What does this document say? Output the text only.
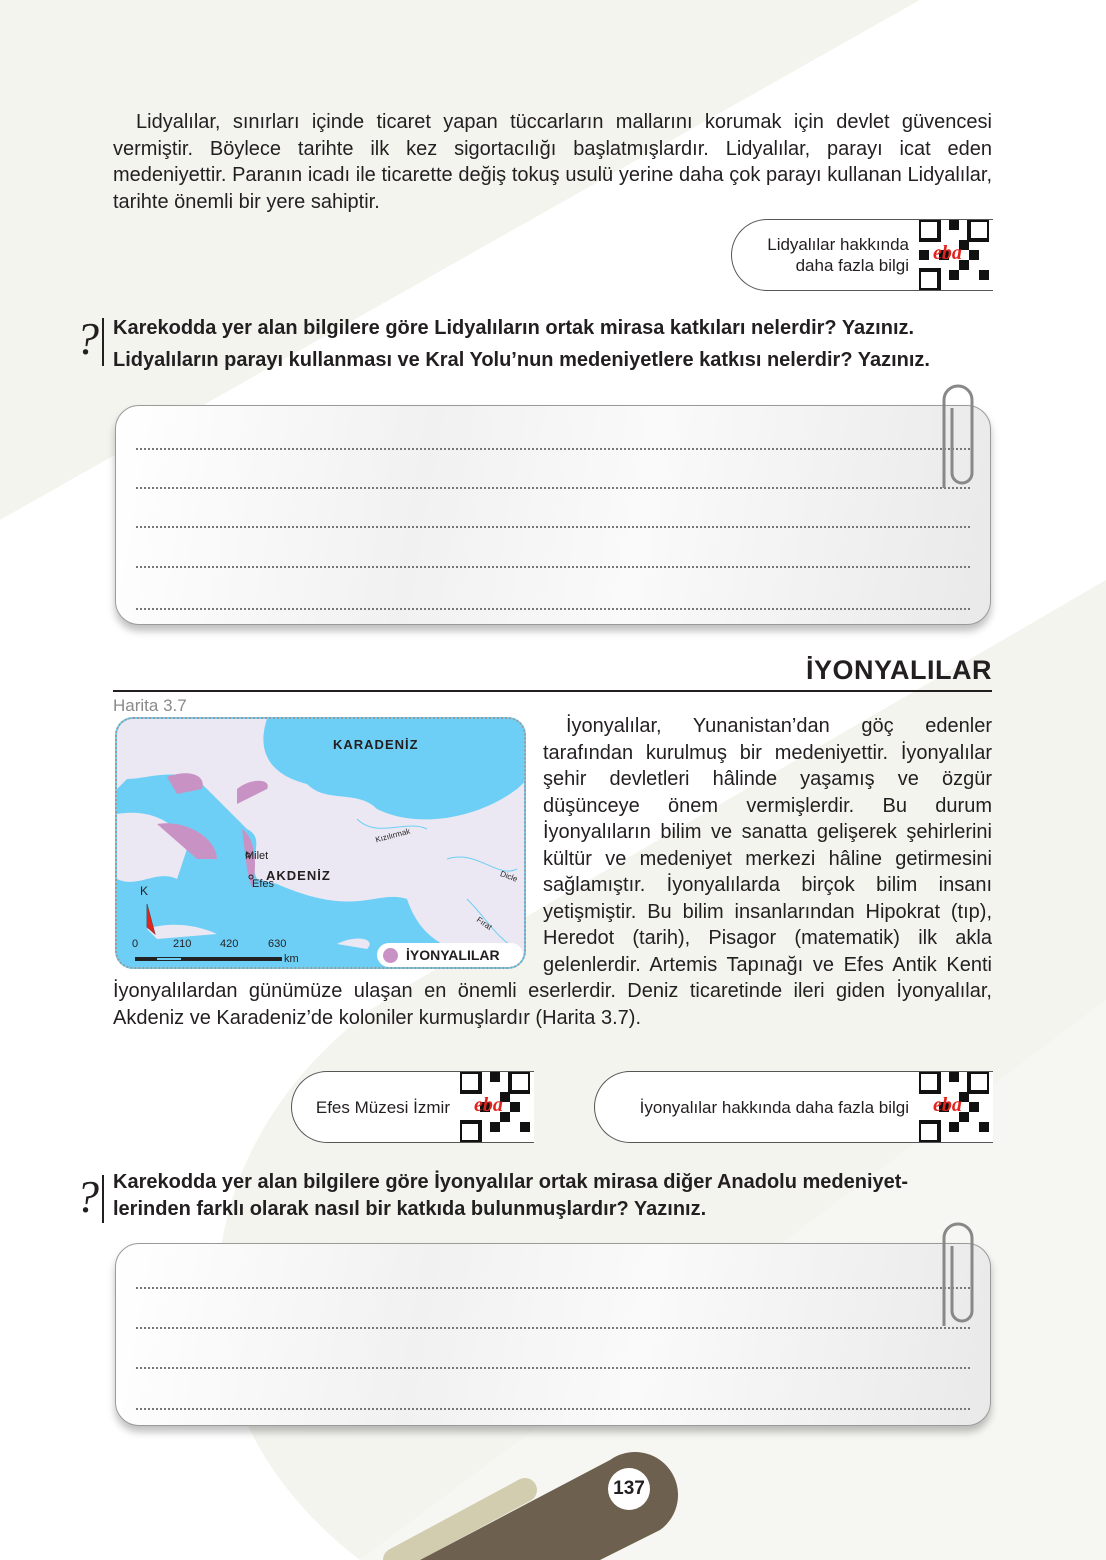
137

Lidyalılar, sınırları içinde ticaret yapan tüccarların mallarını korumak için devlet güvencesi vermiştir. Böylece tarihte ilk kez sigortacılığı başlatmışlardır. Lidyalılar, parayı icat eden medeniyettir. Paranın icadı ile ticarette değiş tokuş usulü yerine daha çok parayı kullanan Lidyalılar, tarihte önemli bir yere sahiptir.

Lidyalılar hakkında
daha fazla bilgi
eba
? Karekodda yer alan bilgilere göre Lidyalıların ortak mirasa katkıları nelerdir? Yazınız.
Lidyalıların parayı kullanması ve Kral Yolu’nun medeniyetlere katkısı nelerdir? Yazınız.
İYONYALILAR
Harita 3.7
KARADENİZ
AKDENİZ
Kızılırmak
Dicle
Fırat
Milet
Efes
K
0	210	420	630
km	İYONYALILAR

İyonyalılar, Yunanistan’dan göç edenler tarafından kurulmuş bir medeniyettir. İyonyalılar şehir devletleri hâlinde yaşamış ve özgür düşünceye önem vermişlerdir. Bu durum İyonyalıların bilim ve sanatta gelişerek şehirlerini kültür ve medeniyet merkezi hâline getirmesini sağlamıştır. İyonyalılarda birçok bilim insanı yetişmiştir. Bu bilim insanlarından Hipokrat (tıp), Heredot (tarih), Pisagor (matematik) ilk akla gelenlerdir. Artemis Tapınağı ve Efes Antik Kenti İyonyalılardan günümüze ulaşan en önemli eserlerdir. Deniz ticaretinde ileri giden İyonyalılar, Akdeniz ve Karadeniz’de koloniler kurmuşlardır (Harita 3.7).

Efes Müzesi İzmir eba	İyonyalılar hakkında daha fazla bilgi eba
? Karekodda yer alan bilgilere göre İyonyalılar ortak mirasa diğer Anadolu medeniyet-
lerinden farklı olarak nasıl bir katkıda bulunmuşlardır? Yazınız.
